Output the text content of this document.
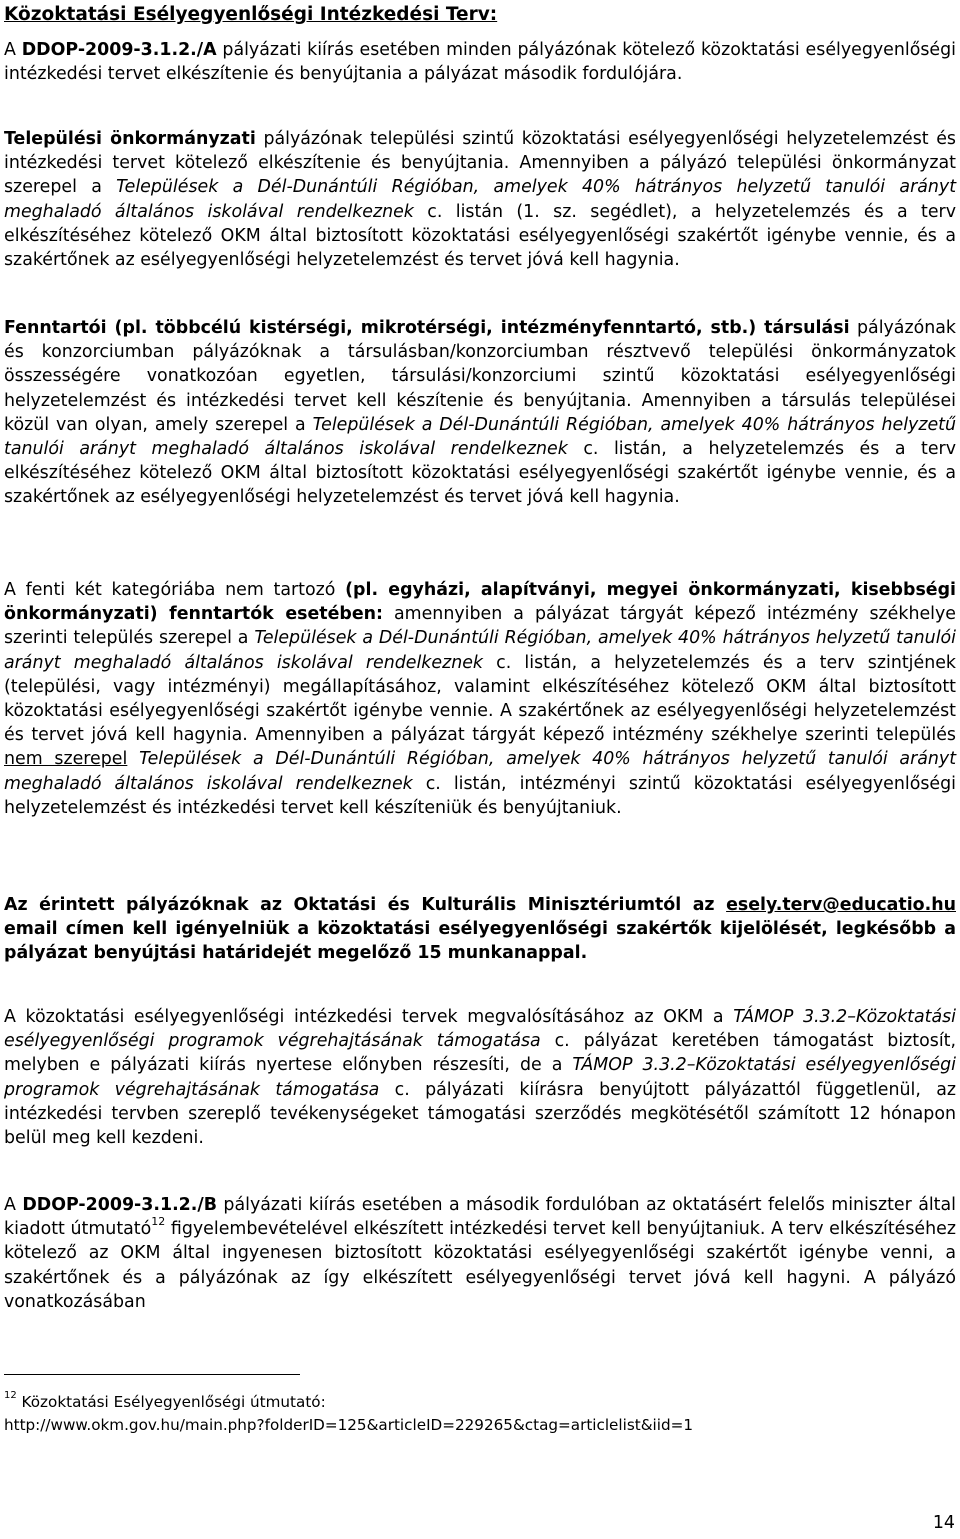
Közoktatási Esélyegyenlőségi Intézkedési Terv:
A DDOP-2009-3.1.2./A pályázati kiírás esetében minden pályázónak kötelező közoktatási esélyegyenlőségi intézkedési tervet elkészítenie és benyújtania a pályázat második fordulójára.
Települési önkormányzati pályázónak települési szintű közoktatási esélyegyenlőségi helyzetelemzést és intézkedési tervet kötelező elkészítenie és benyújtania. Amennyiben a pályázó települési önkormányzat szerepel a Települések a Dél-Dunántúli Régióban, amelyek 40% hátrányos helyzetű tanulói arányt meghaladó általános iskolával rendelkeznek c. listán (1. sz. segédlet), a helyzetelemzés és a terv elkészítéséhez kötelező OKM által biztosított közoktatási esélyegyenlőségi szakértőt igénybe vennie, és a szakértőnek az esélyegyenlőségi helyzetelemzést és tervet jóvá kell hagynia.
Fenntartói (pl. többcélú kistérségi, mikrotérségi, intézményfenntartó, stb.) társulási pályázónak és konzorciumban pályázóknak a társulásban/konzorciumban résztvevő települési önkormányzatok összességére vonatkozóan egyetlen, társulási/konzorciumi szintű közoktatási esélyegyenlőségi helyzetelemzést és intézkedési tervet kell készítenie és benyújtania. Amennyiben a társulás települései közül van olyan, amely szerepel a Települések a Dél-Dunántúli Régióban, amelyek 40% hátrányos helyzetű tanulói arányt meghaladó általános iskolával rendelkeznek c. listán, a helyzetelemzés és a terv elkészítéséhez kötelező OKM által biztosított közoktatási esélyegyenlőségi szakértőt igénybe vennie, és a szakértőnek az esélyegyenlőségi helyzetelemzést és tervet jóvá kell hagynia.
A fenti két kategóriába nem tartozó (pl. egyházi, alapítványi, megyei önkormányzati, kisebbségi önkormányzati) fenntartók esetében: amennyiben a pályázat tárgyát képező intézmény székhelye szerinti település szerepel a Települések a Dél-Dunántúli Régióban, amelyek 40% hátrányos helyzetű tanulói arányt meghaladó általános iskolával rendelkeznek c. listán, a helyzetelemzés és a terv szintjének (települési, vagy intézményi) megállapításához, valamint elkészítéséhez kötelező OKM által biztosított közoktatási esélyegyenlőségi szakértőt igénybe vennie. A szakértőnek az esélyegyenlőségi helyzetelemzést és tervet jóvá kell hagynia. Amennyiben a pályázat tárgyát képező intézmény székhelye szerinti település nem szerepel Települések a Dél-Dunántúli Régióban, amelyek 40% hátrányos helyzetű tanulói arányt meghaladó általános iskolával rendelkeznek c. listán, intézményi szintű közoktatási esélyegyenlőségi helyzetelemzést és intézkedési tervet kell készíteniük és benyújtaniuk.
Az érintett pályázóknak az Oktatási és Kulturális Minisztériumtól az esely.terv@educatio.hu email címen kell igényelniük a közoktatási esélyegyenlőségi szakértők kijelölését, legkésőbb a pályázat benyújtási határidejét megelőző 15 munkanappal.
A közoktatási esélyegyenlőségi intézkedési tervek megvalósításához az OKM a TÁMOP 3.3.2–Közoktatási esélyegyenlőségi programok végrehajtásának támogatása c. pályázat keretében támogatást biztosít, melyben e pályázati kiírás nyertese előnyben részesíti, de a TÁMOP 3.3.2–Közoktatási esélyegyenlőségi programok végrehajtásának támogatása c. pályázati kiírásra benyújtott pályázattól függetlenül, az intézkedési tervben szereplő tevékenységeket támogatási szerződés megkötésétől számított 12 hónapon belül meg kell kezdeni.
A DDOP-2009-3.1.2./B pályázati kiírás esetében a második fordulóban az oktatásért felelős miniszter által kiadott útmutató$^{12}$ figyelembevételével elkészített intézkedési tervet kell benyújtaniuk. A terv elkészítéséhez kötelező az OKM által ingyenesen biztosított közoktatási esélyegyenlőségi szakértőt igénybe venni, a szakértőnek és a pályázónak az így elkészített esélyegyenlőségi tervet jóvá kell hagyni. A pályázó vonatkozásában
$^{12}$ Közoktatási Esélyegyenlőségi útmutató:
http://www.okm.gov.hu/main.php?folderID=125&articleID=229265&ctag=articlelist&iid=1
14
